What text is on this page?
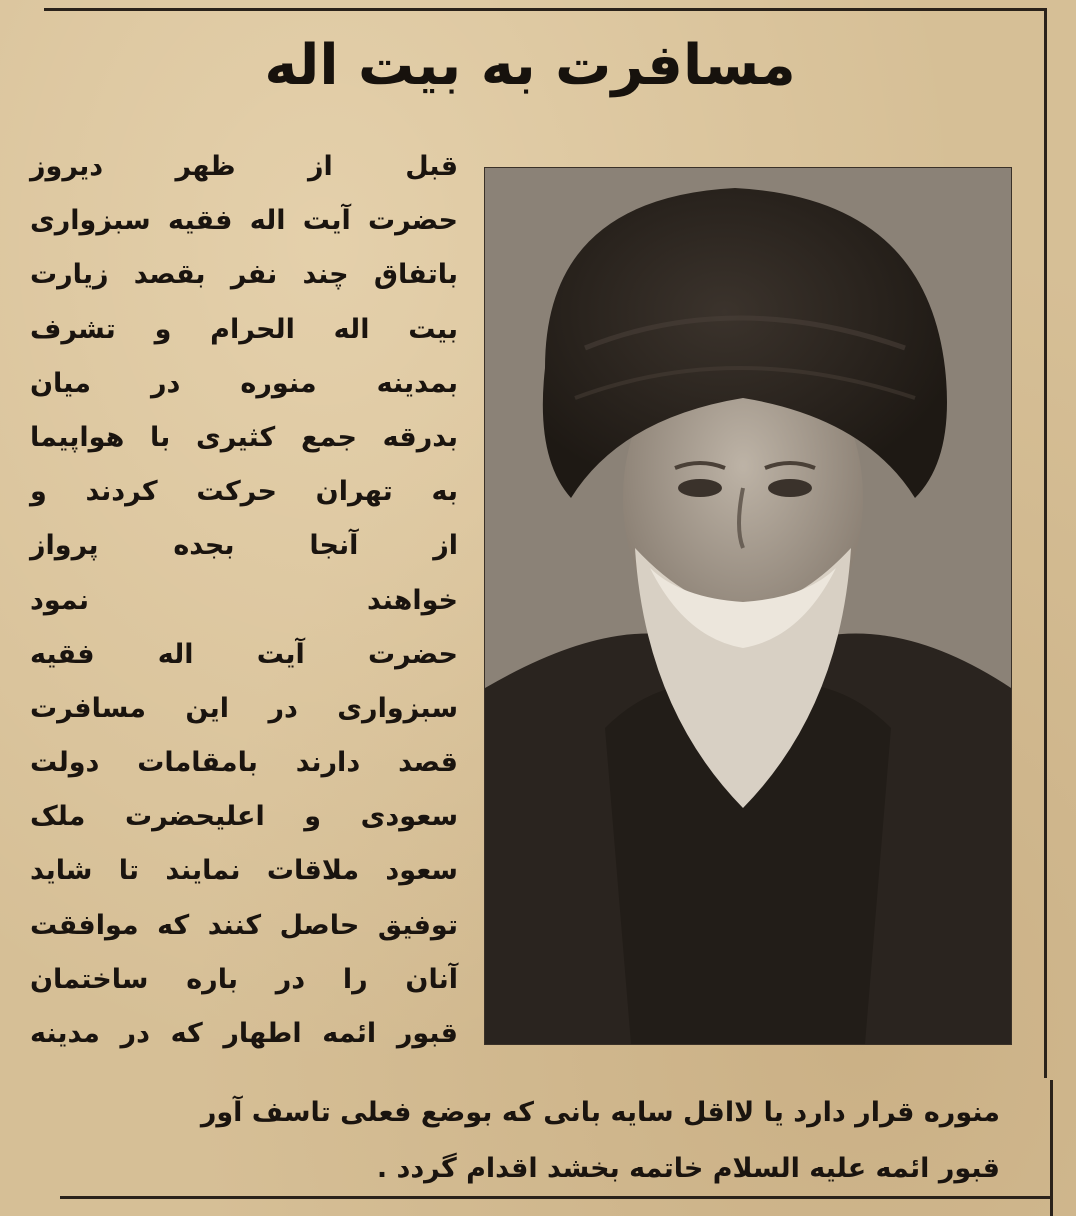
مسافرت به بیت اله
قبل از ظهر دیروز
حضرت آیت اله فقیه سبزواری
باتفاق چند نفر بقصد زیارت
بیت اله الحرام و تشرف
بمدینه منوره در میان
بدرقه جمع کثیری با هواپیما
به تهران حرکت کردند و
از آنجا بجده پرواز
خواهند نمود
حضرت آیت اله فقیه
سبزواری در این مسافرت
قصد دارند بامقامات دولت
سعودی و اعلیحضرت ملک
سعود ملاقات نمایند تا شاید
توفیق حاصل کنند که موافقت
آنان را در باره ساختمان
قبور ائمه اطهار که در مدینه
منوره قرار دارد یا لااقل سایه بانی که بوضع فعلی تاسف آور
قبور ائمه علیه السلام خاتمه بخشد اقدام گردد .
